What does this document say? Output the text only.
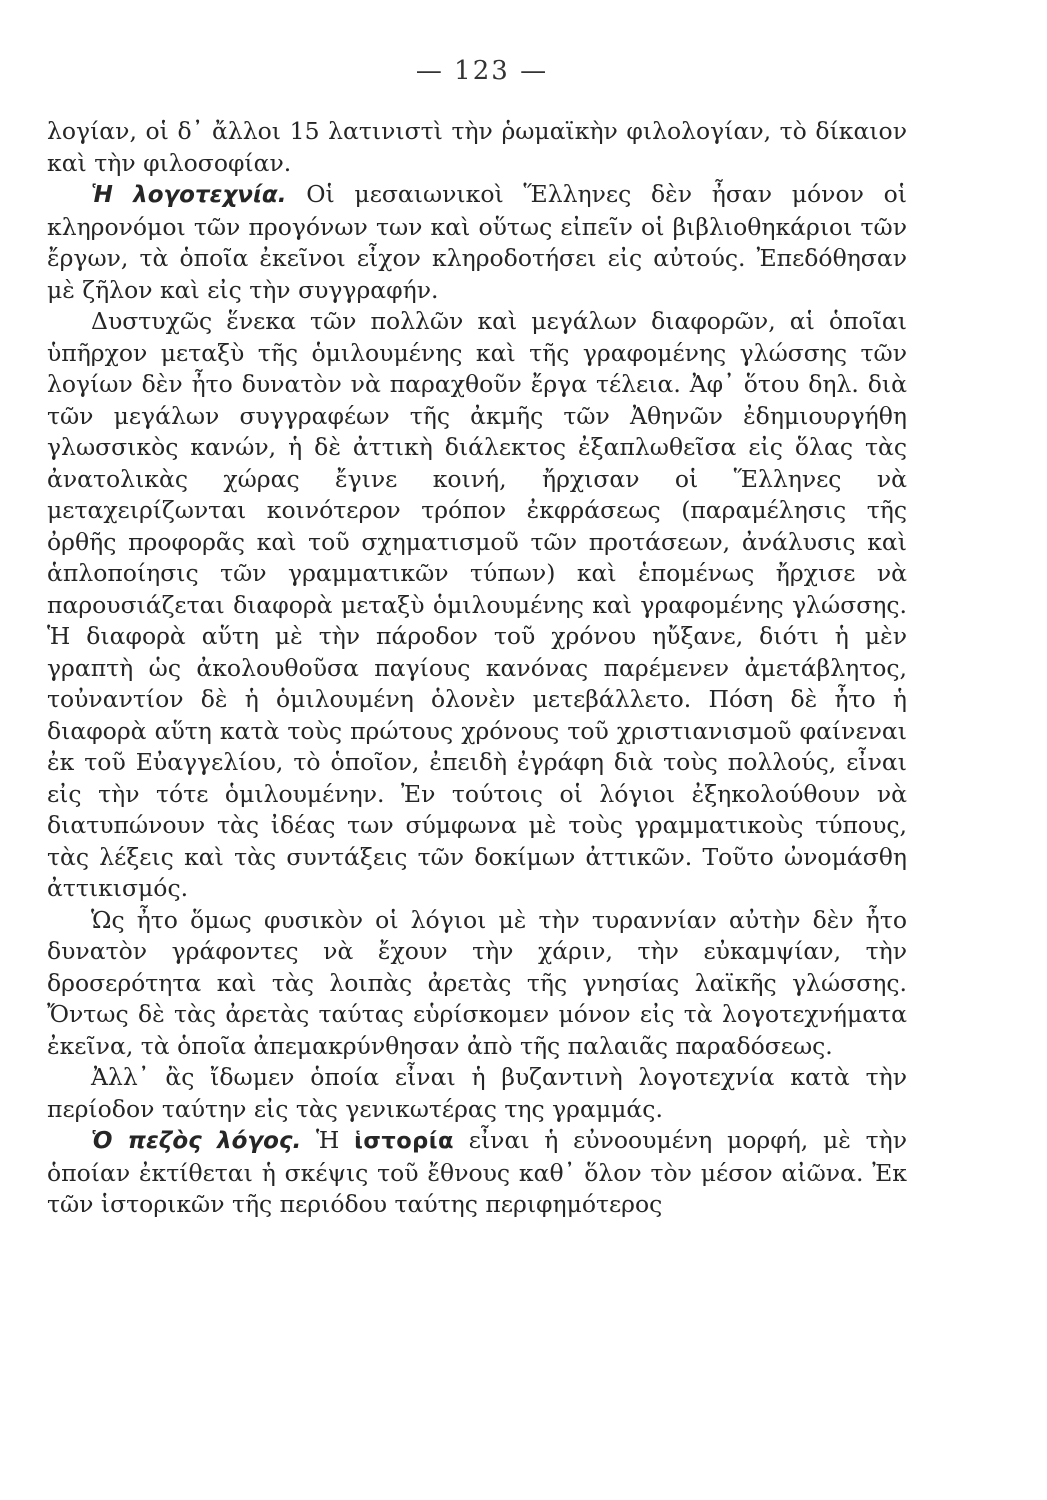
— 123 —

λογίαν, οἱ δ᾽ ἄλλοι 15 λατινιστὶ τὴν ῥωμαϊκὴν φιλολογίαν, τὸ δίκαιον καὶ τὴν φιλοσοφίαν.

Ἡ λογοτεχνία. Οἱ μεσαιωνικοὶ Ἕλληνες δὲν ἦσαν μόνον οἱ κληρονόμοι τῶν προγόνων των καὶ οὕτως εἰπεῖν οἱ βιβλιοθηκάριοι τῶν ἔργων, τὰ ὁποῖα ἐκεῖνοι εἶχον κληροδοτήσει εἰς αὐτούς. Ἐπεδόθησαν μὲ ζῆλον καὶ εἰς τὴν συγγραφήν.

Δυστυχῶς ἕνεκα τῶν πολλῶν καὶ μεγάλων διαφορῶν, αἱ ὁποῖαι ὑπῆρχον μεταξὺ τῆς ὁμιλουμένης καὶ τῆς γραφομένης γλώσσης τῶν λογίων δὲν ἦτο δυνατὸν νὰ παραχθοῦν ἔργα τέλεια. Ἀφ᾽ ὅτου δηλ. διὰ τῶν μεγάλων συγγραφέων τῆς ἀκμῆς τῶν Ἀθηνῶν ἐδημιουργήθη γλωσσικὸς κανών, ἡ δὲ ἀττικὴ διάλεκτος ἐξαπλωθεῖσα εἰς ὅλας τὰς ἀνατολικὰς χώρας ἔγινε κοινή, ἤρχισαν οἱ Ἕλληνες νὰ μεταχειρίζωνται κοινότερον τρόπον ἐκφράσεως (παραμέλησις τῆς ὀρθῆς προφορᾶς καὶ τοῦ σχηματισμοῦ τῶν προτάσεων, ἀνάλυσις καὶ ἁπλοποίησις τῶν γραμματικῶν τύπων) καὶ ἑπομένως ἤρχισε νὰ παρουσιάζεται διαφορὰ μεταξὺ ὁμιλουμένης καὶ γραφομένης γλώσσης. Ἡ διαφορὰ αὕτη μὲ τὴν πάροδον τοῦ χρόνου ηὔξανε, διότι ἡ μὲν γραπτὴ ὡς ἀκολουθοῦσα παγίους κανόνας παρέμενεν ἀμετάβλητος, τοὐναντίον δὲ ἡ ὁμιλουμένη ὁλονὲν μετεβάλλετο. Πόση δὲ ἦτο ἡ διαφορὰ αὕτη κατὰ τοὺς πρώτους χρόνους τοῦ χριστιανισμοῦ φαίνεναι ἐκ τοῦ Εὐαγγελίου, τὸ ὁποῖον, ἐπειδὴ ἐγράφη διὰ τοὺς πολλούς, εἶναι εἰς τὴν τότε ὁμιλουμένην. Ἐν τούτοις οἱ λόγιοι ἐξηκολούθουν νὰ διατυπώνουν τὰς ἰδέας των σύμφωνα μὲ τοὺς γραμματικοὺς τύπους, τὰς λέξεις καὶ τὰς συντάξεις τῶν δοκίμων ἀττικῶν. Τοῦτο ὠνομάσθη ἀττικισμός.

Ὡς ἦτο ὅμως φυσικὸν οἱ λόγιοι μὲ τὴν τυραννίαν αὐτὴν δὲν ἦτο δυνατὸν γράφοντες νὰ ἔχουν τὴν χάριν, τὴν εὐκαμψίαν, τὴν δροσερότητα καὶ τὰς λοιπὰς ἀρετὰς τῆς γνησίας λαϊκῆς γλώσσης. Ὄντως δὲ τὰς ἀρετὰς ταύτας εὑρίσκομεν μόνον εἰς τὰ λογοτεχνήματα ἐκεῖνα, τὰ ὁποῖα ἀπεμακρύνθησαν ἀπὸ τῆς παλαιᾶς παραδόσεως.

Ἀλλ᾽ ἂς ἴδωμεν ὁποία εἶναι ἡ βυζαντινὴ λογοτεχνία κατὰ τὴν περίοδον ταύτην εἰς τὰς γενικωτέρας της γραμμάς.

Ὁ πεζὸς λόγος. Ἡ ἱστορία εἶναι ἡ εὐνοουμένη μορφή, μὲ τὴν ὁποίαν ἐκτίθεται ἡ σκέψις τοῦ ἔθνους καθ᾽ ὅλον τὸν μέσον αἰῶνα. Ἐκ τῶν ἱστορικῶν τῆς περιόδου ταύτης περιφημότερος
